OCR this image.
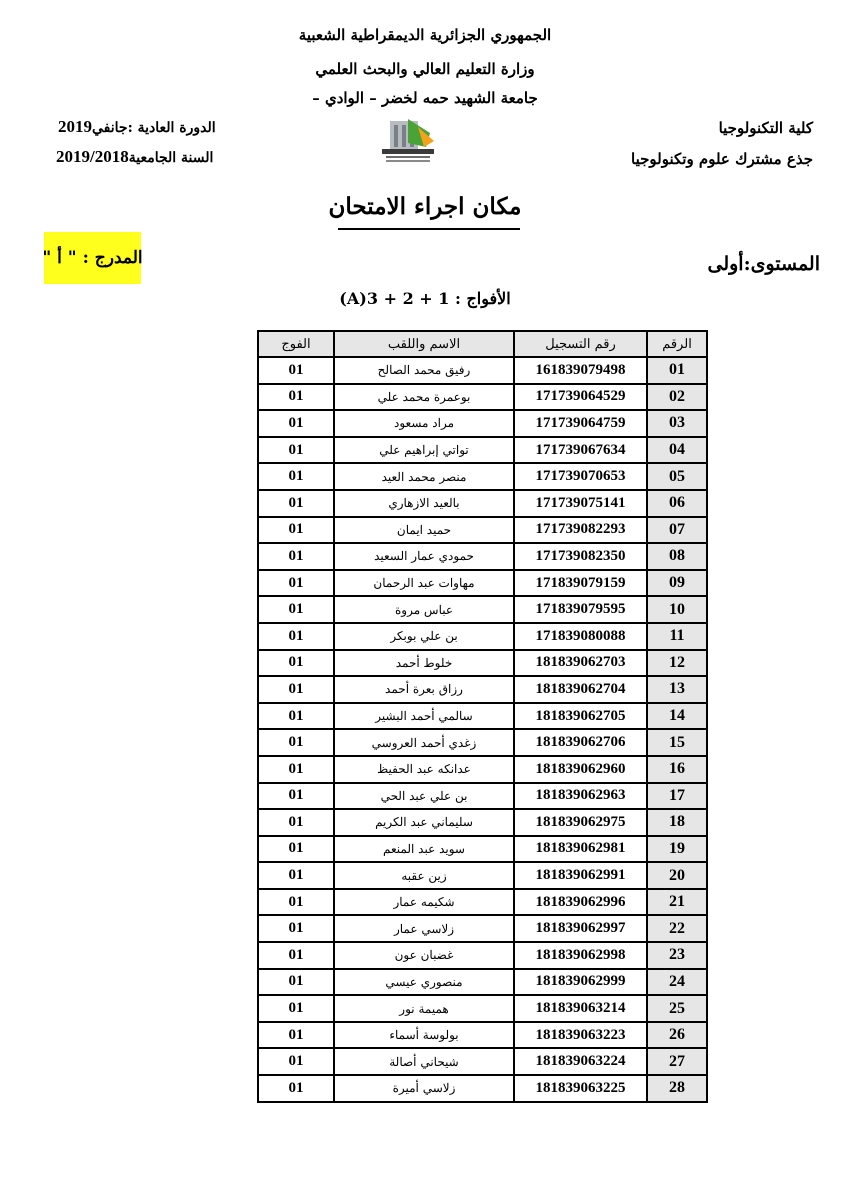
الجمهوري الجزائرية الديمقراطية الشعبية
وزارة التعليم العالي والبحث العلمي
جامعة الشهيد حمه لخضر – الوادي –
كلية التكنولوجيا
جذع مشترك علوم وتكنولوجيا
الدورة العادية :جانفي2019
السنة الجامعية2019/2018
مكان اجراء الامتحان
المستوى:أولى
المدرج : " أ "
الأفواج : 1 + 2 + 3(A)
الرقم	رقم التسجيل	الاسم واللقب	الفوج
01	161839079498	رفيق محمد الصالح	01
02	171739064529	بوعمرة محمد علي	01
03	171739064759	مراد مسعود	01
04	171739067634	تواتي إبراهيم علي	01
05	171739070653	منصر محمد العيد	01
06	171739075141	بالعيد الازهاري	01
07	171739082293	حميد ايمان	01
08	171739082350	حمودي عمار السعيد	01
09	171839079159	مهاوات عبد الرحمان	01
10	171839079595	عباس مروة	01
11	171839080088	بن علي بوبكر	01
12	181839062703	خلوط أحمد	01
13	181839062704	رزاق بعرة أحمد	01
14	181839062705	سالمي أحمد البشير	01
15	181839062706	زغدي أحمد العروسي	01
16	181839062960	عدانكه عبد الحفيظ	01
17	181839062963	بن علي عبد الحي	01
18	181839062975	سليماني عبد الكريم	01
19	181839062981	سويد عبد المنعم	01
20	181839062991	زين عقبه	01
21	181839062996	شكيمه عمار	01
22	181839062997	زلاسي عمار	01
23	181839062998	غضبان عون	01
24	181839062999	منصوري عيسي	01
25	181839063214	هميمة نور	01
26	181839063223	بولوسة أسماء	01
27	181839063224	شيحاني أصالة	01
28	181839063225	زلاسي أميرة	01
